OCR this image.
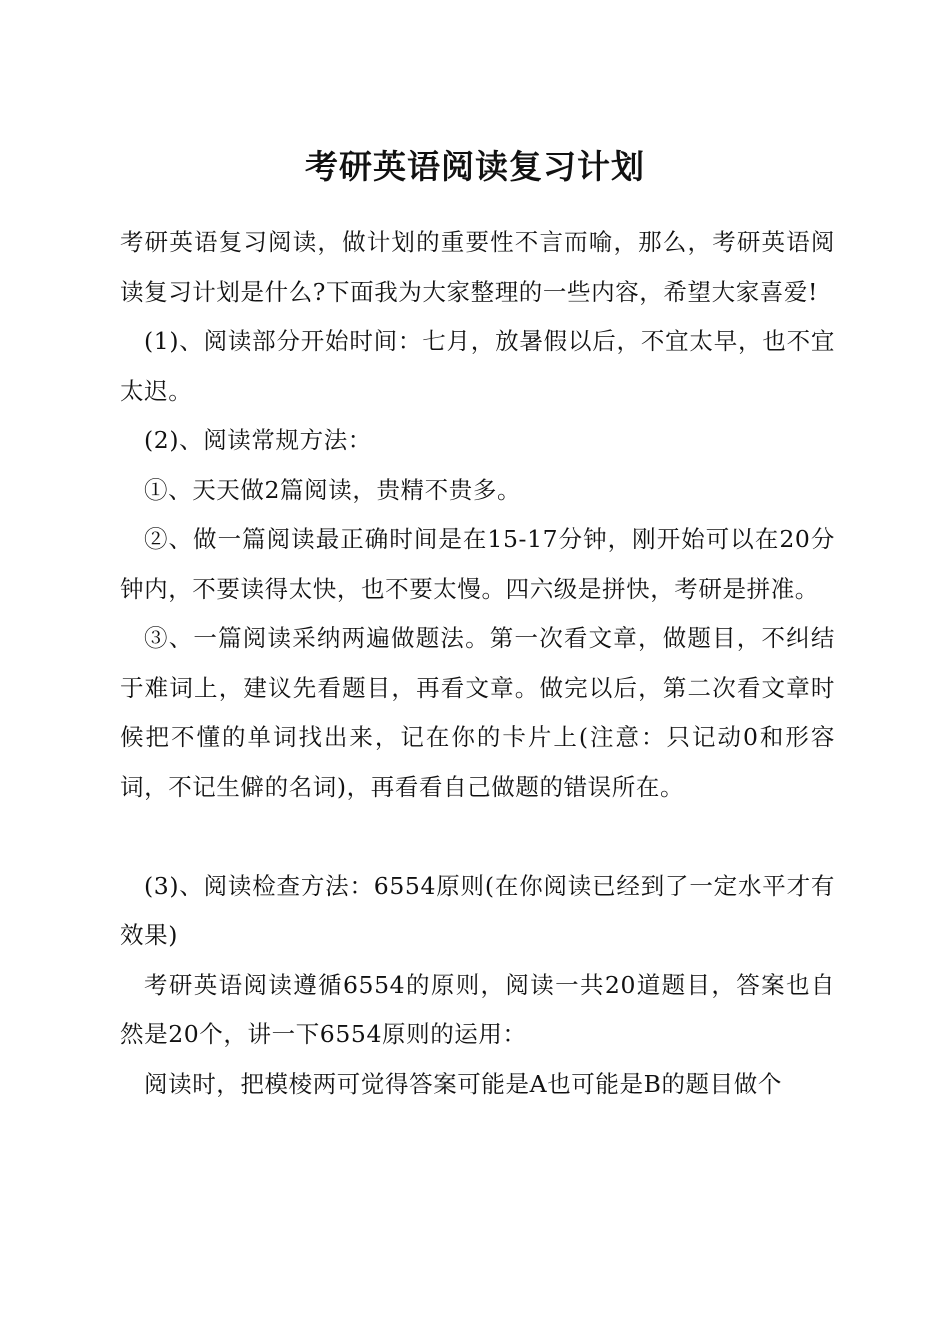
考研英语阅读复习计划

考研英语复习阅读，做计划的重要性不言而喻，那么，考研英语阅读复习计划是什么?下面我为大家整理的一些内容，希望大家喜爱!

(1)、阅读部分开始时间：七月，放暑假以后，不宜太早，也不宜太迟。

(2)、阅读常规方法：

①、天天做2篇阅读，贵精不贵多。

②、做一篇阅读最正确时间是在15-17分钟，刚开始可以在20分钟内，不要读得太快，也不要太慢。四六级是拼快，考研是拼准。

③、一篇阅读采纳两遍做题法。第一次看文章，做题目，不纠结于难词上，建议先看题目，再看文章。做完以后，第二次看文章时候把不懂的单词找出来，记在你的卡片上(注意：只记动0和形容词，不记生僻的名词)，再看看自己做题的错误所在。

(3)、阅读检查方法：6554原则(在你阅读已经到了一定水平才有效果)

考研英语阅读遵循6554的原则，阅读一共20道题目，答案也自然是20个，讲一下6554原则的运用：

阅读时，把模棱两可觉得答案可能是A也可能是B的题目做个
